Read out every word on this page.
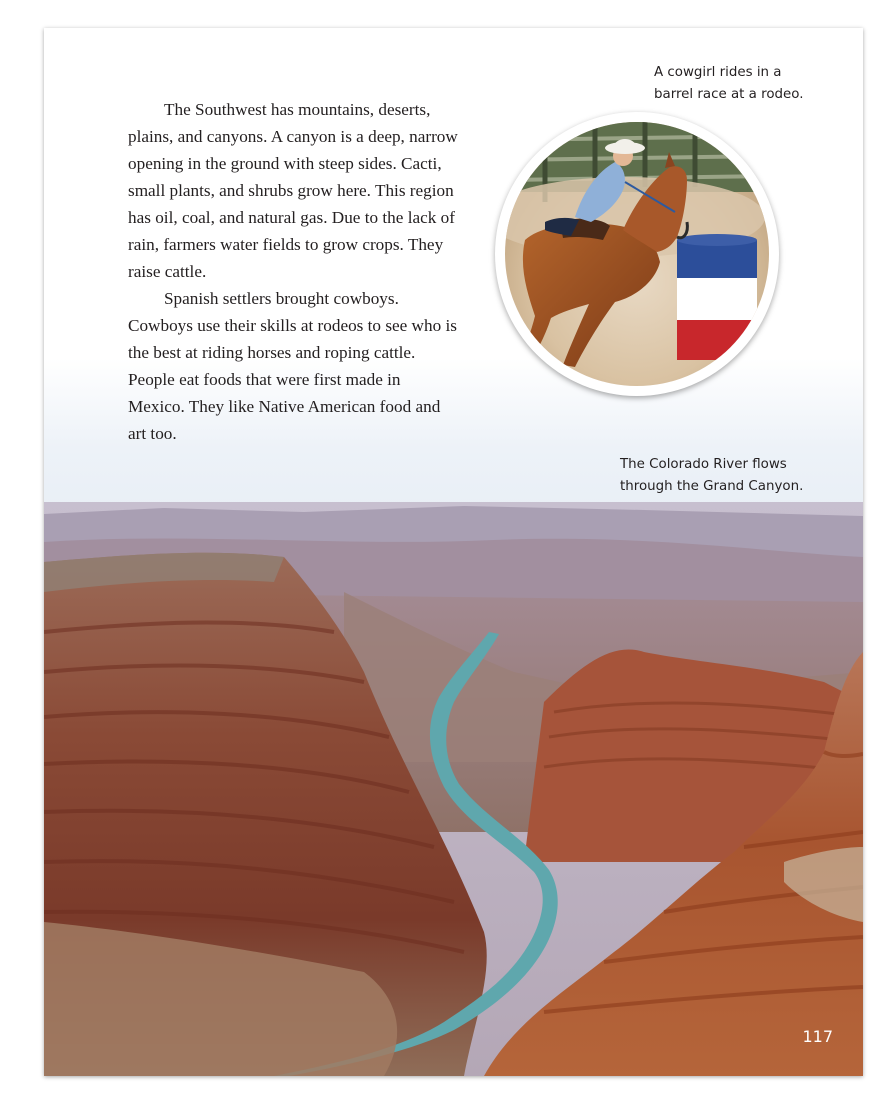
The Southwest has mountains, deserts, plains, and canyons. A canyon is a deep, narrow opening in the ground with steep sides. Cacti, small plants, and shrubs grow here. This region has oil, coal, and natural gas. Due to the lack of rain, farmers water fields to grow crops. They raise cattle.

Spanish settlers brought cowboys. Cowboys use their skills at rodeos to see who is the best at riding horses and roping cattle. People eat foods that were first made in Mexico. They like Native American food and art too.

A cowgirl rides in a
barrel race at a rodeo.
The Colorado River flows
through the Grand Canyon.
117
